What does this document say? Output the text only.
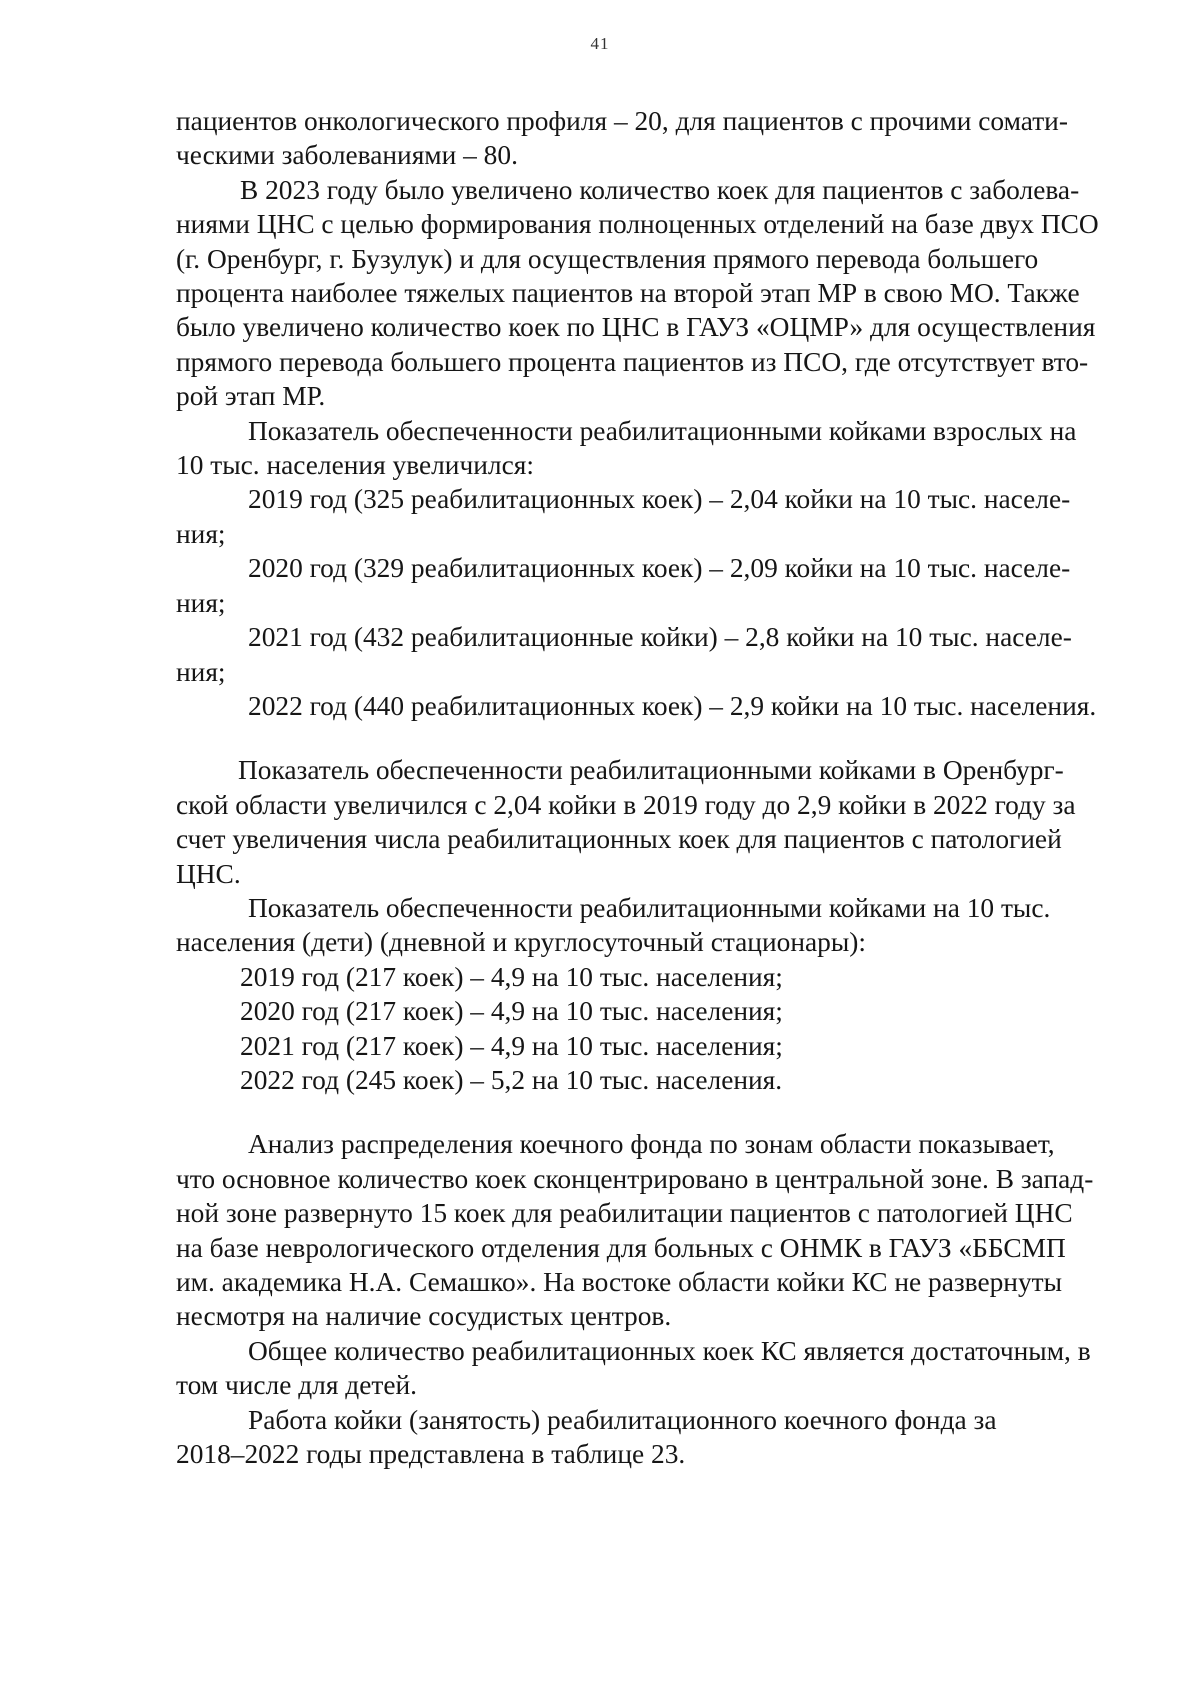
41

пациентов онкологического профиля – 20, для пациентов с прочими сомати-
ческими заболеваниями – 80.

В 2023 году было увеличено количество коек для пациентов с заболева-
ниями ЦНС с целью формирования полноценных отделений на базе двух ПСО
(г. Оренбург, г. Бузулук) и для осуществления прямого перевода большего
процента наиболее тяжелых пациентов на второй этап МР в свою МО. Также
было увеличено количество коек по ЦНС в ГАУЗ «ОЦМР» для осуществления
прямого перевода большего процента пациентов из ПСО, где отсутствует вто-
рой этап МР.

Показатель обеспеченности реабилитационными койками взрослых на
10 тыс. населения увеличился:

2019 год (325 реабилитационных коек) – 2,04 койки на 10 тыс. населе-
ния;
2020 год (329 реабилитационных коек) – 2,09 койки на 10 тыс. населе-
ния;
2021 год (432 реабилитационные койки) – 2,8 койки на 10 тыс. населе-
ния;
2022 год (440 реабилитационных коек) – 2,9 койки на 10 тыс. населения.

Показатель обеспеченности реабилитационными койками в Оренбург-
ской области увеличился с 2,04 койки в 2019 году до 2,9 койки в 2022 году за
счет увеличения числа реабилитационных коек для пациентов с патологией
ЦНС.

Показатель обеспеченности реабилитационными койками на 10 тыс.
населения (дети) (дневной и круглосуточный стационары):

2019 год (217 коек) – 4,9 на 10 тыс. населения;
2020 год (217 коек) – 4,9 на 10 тыс. населения;
2021 год (217 коек) – 4,9 на 10 тыс. населения;
2022 год (245 коек) – 5,2 на 10 тыс. населения.

Анализ распределения коечного фонда по зонам области показывает,
что основное количество коек сконцентрировано в центральной зоне. В запад-
ной зоне развернуто 15 коек для реабилитации пациентов с патологией ЦНС
на базе неврологического отделения для больных с ОНМК в ГАУЗ «ББСМП
им. академика Н.А. Семашко». На востоке области койки КС не развернуты
несмотря на наличие сосудистых центров.

Общее количество реабилитационных коек КС является достаточным, в
том числе для детей.

Работа койки (занятость) реабилитационного коечного фонда за
2018–2022 годы представлена в таблице 23.
